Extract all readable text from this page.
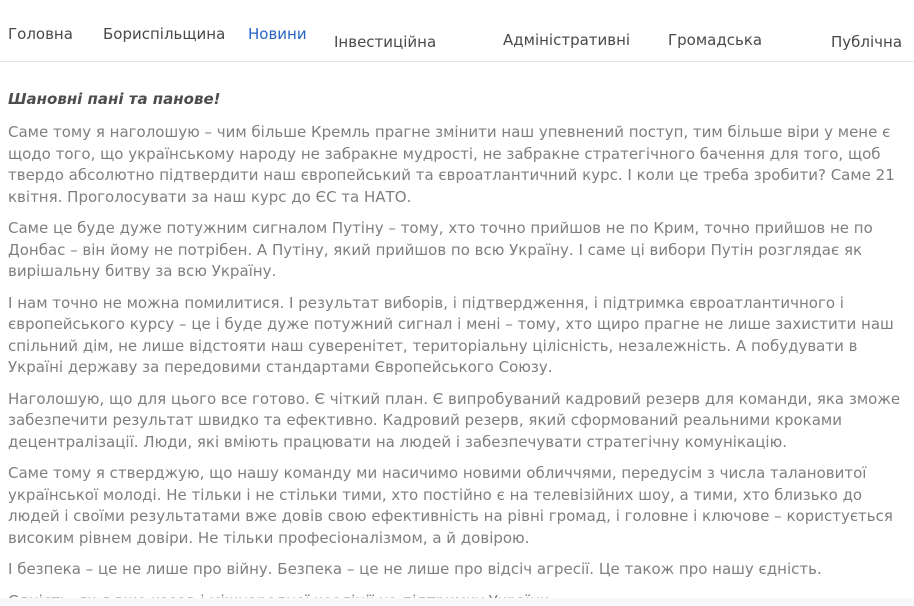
Головна Бориспільщина Новини Інвестиційна	Адміністративні	Громадська	Публічна

Шановні пані та панове!

Саме тому я наголошую – чим більше Кремль прагне змінити наш упевнений поступ, тим більше віри у мене є щодо того, що українському народу не забракне мудрості, не забракне стратегічного бачення для того, щоб твердо абсолютно підтвердити наш європейський та євроатлантичний курс. І коли це треба зробити? Саме 21 квітня. Проголосувати за наш курс до ЄС та НАТО.

Саме це буде дуже потужним сигналом Путіну – тому, хто точно прийшов не по Крим, точно прийшов не по Донбас – він йому не потрібен. А Путіну, який прийшов по всю Україну. І саме ці вибори Путін розглядає як вирішальну битву за всю Україну.

І нам точно не можна помилитися. І результат виборів, і підтвердження, і підтримка євроатлантичного і європейського курсу – це і буде дуже потужний сигнал і мені – тому, хто щиро прагне не лише захистити наш спільний дім, не лише відстояти наш суверенітет, територіальну цілісність, незалежність. А побудувати в Україні державу за передовими стандартами Європейського Союзу.

Наголошую, що для цього все готово. Є чіткий план. Є випробуваний кадровий резерв для команди, яка зможе забезпечити результат швидко та ефективно. Кадровий резерв, який сформований реальними кроками децентралізації. Люди, які вміють працювати на людей і забезпечувати стратегічну комунікацію.

Саме тому я стверджую, що нашу команду ми насичимо новими обличчями, передусім з числа талановитої української молоді. Не тільки і не стільки тими, хто постійно є на телевізійних шоу, а тими, хто близько до людей і своїми результатами вже довів свою ефективність на рівні громад, і головне і ключове – користується високим рівнем довіри. Не тільки професіоналізмом, а й довірою.

І безпека – це не лише про війну. Безпека – це не лише про відсіч агресії. Це також про нашу єдність.
